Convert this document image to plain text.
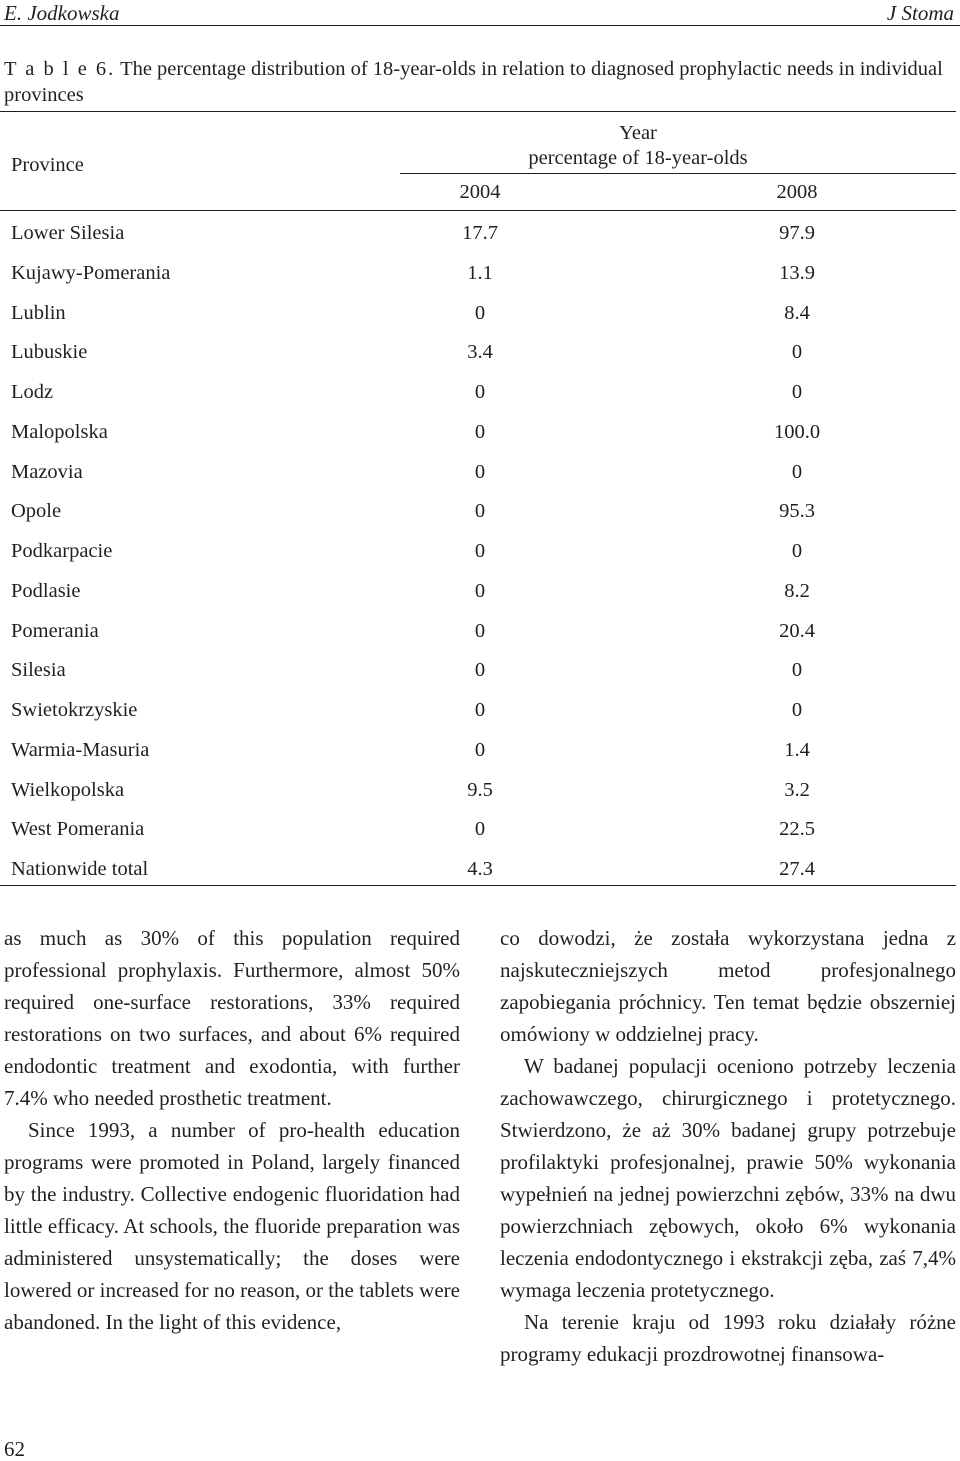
E. Jodkowska	J Stoma
T a b l e 6. The percentage distribution of 18-year-olds in relation to diagnosed prophylactic needs in individual provinces
Province
Year
percentage of 18-year-olds
2004	2008
Lower Silesia	17.7	97.9
Kujawy-Pomerania	1.1	13.9
Lublin	0	8.4
Lubuskie	3.4	0
Lodz	0	0
Malopolska	0	100.0
Mazovia	0	0
Opole	0	95.3
Podkarpacie	0	0
Podlasie	0	8.2
Pomerania	0	20.4
Silesia	0	0
Swietokrzyskie	0	0
Warmia-Masuria	0	1.4
Wielkopolska	9.5	3.2
West Pomerania	0	22.5
Nationwide total	4.3	27.4

as much as 30% of this population required professional prophylaxis. Furthermore, almost 50% required one-surface restorations, 33% required restorations on two surfaces, and about 6% required endodontic treatment and exodontia, with further 7.4% who needed prosthetic treatment.

Since 1993, a number of pro-health education programs were promoted in Poland, largely financed by the industry. Collective endogenic fluoridation had little efficacy. At schools, the fluoride preparation was administered unsystematically; the doses were lowered or increased for no reason, or the tablets were abandoned. In the light of this evidence,

co dowodzi, że została wykorzystana jedna z najskuteczniejszych metod profesjonalnego zapobiegania próchnicy. Ten temat będzie obszerniej omówiony w oddzielnej pracy.

W badanej populacji oceniono potrzeby leczenia zachowawczego, chirurgicznego i protetycznego. Stwierdzono, że aż 30% badanej grupy potrzebuje profilaktyki profesjonalnej, prawie 50% wykonania wypełnień na jednej powierzchni zębów, 33% na dwu powierzchniach zębowych, około 6% wykonania leczenia endodontycznego i ekstrakcji zęba, zaś 7,4% wymaga leczenia protetycznego.

Na terenie kraju od 1993 roku działały różne programy edukacji prozdrowotnej finansowa-

62
